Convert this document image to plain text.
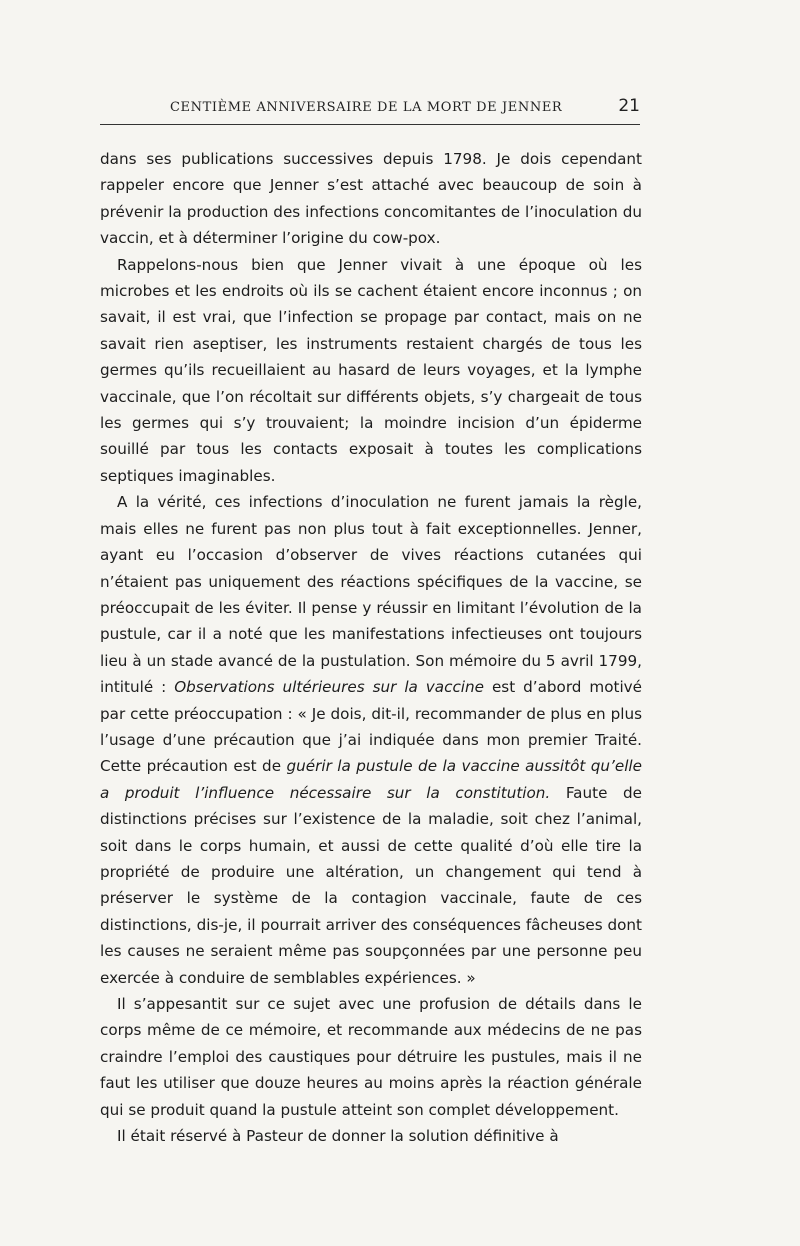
CENTIÈME ANNIVERSAIRE DE LA MORT DE JENNER	21

dans ses publications successives depuis 1798. Je dois cependant rappeler encore que Jenner s’est attaché avec beaucoup de soin à prévenir la production des infections concomitantes de l’inoculation du vaccin, et à déterminer l’origine du cow-pox.

Rappelons-nous bien que Jenner vivait à une époque où les microbes et les endroits où ils se cachent étaient encore inconnus ; on savait, il est vrai, que l’infection se propage par contact, mais on ne savait rien aseptiser, les instruments restaient chargés de tous les germes qu’ils recueillaient au hasard de leurs voyages, et la lymphe vaccinale, que l’on récoltait sur différents objets, s’y chargeait de tous les germes qui s’y trouvaient; la moindre incision d’un épiderme souillé par tous les contacts exposait à toutes les complications septiques imaginables.

A la vérité, ces infections d’inoculation ne furent jamais la règle, mais elles ne furent pas non plus tout à fait exceptionnelles. Jenner, ayant eu l’occasion d’observer de vives réactions cutanées qui n’étaient pas uniquement des réactions spécifiques de la vaccine, se préoccupait de les éviter. Il pense y réussir en limitant l’évolution de la pustule, car il a noté que les manifestations infectieuses ont toujours lieu à un stade avancé de la pustulation. Son mémoire du 5 avril 1799, intitulé : Observations ultérieures sur la vaccine est d’abord motivé par cette préoccupation : « Je dois, dit-il, recommander de plus en plus l’usage d’une précaution que j’ai indiquée dans mon premier Traité. Cette précaution est de guérir la pustule de la vaccine aussitôt qu’elle a produit l’influence nécessaire sur la constitution. Faute de distinctions précises sur l’existence de la maladie, soit chez l’animal, soit dans le corps humain, et aussi de cette qualité d’où elle tire la propriété de produire une altération, un changement qui tend à préserver le système de la contagion vaccinale, faute de ces distinctions, dis-je, il pourrait arriver des conséquences fâcheuses dont les causes ne seraient même pas soupçonnées par une personne peu exercée à conduire de semblables expériences. »

Il s’appesantit sur ce sujet avec une profusion de détails dans le corps même de ce mémoire, et recommande aux médecins de ne pas craindre l’emploi des caustiques pour détruire les pustules, mais il ne faut les utiliser que douze heures au moins après la réaction générale qui se produit quand la pustule atteint son complet développement.

Il était réservé à Pasteur de donner la solution définitive à
